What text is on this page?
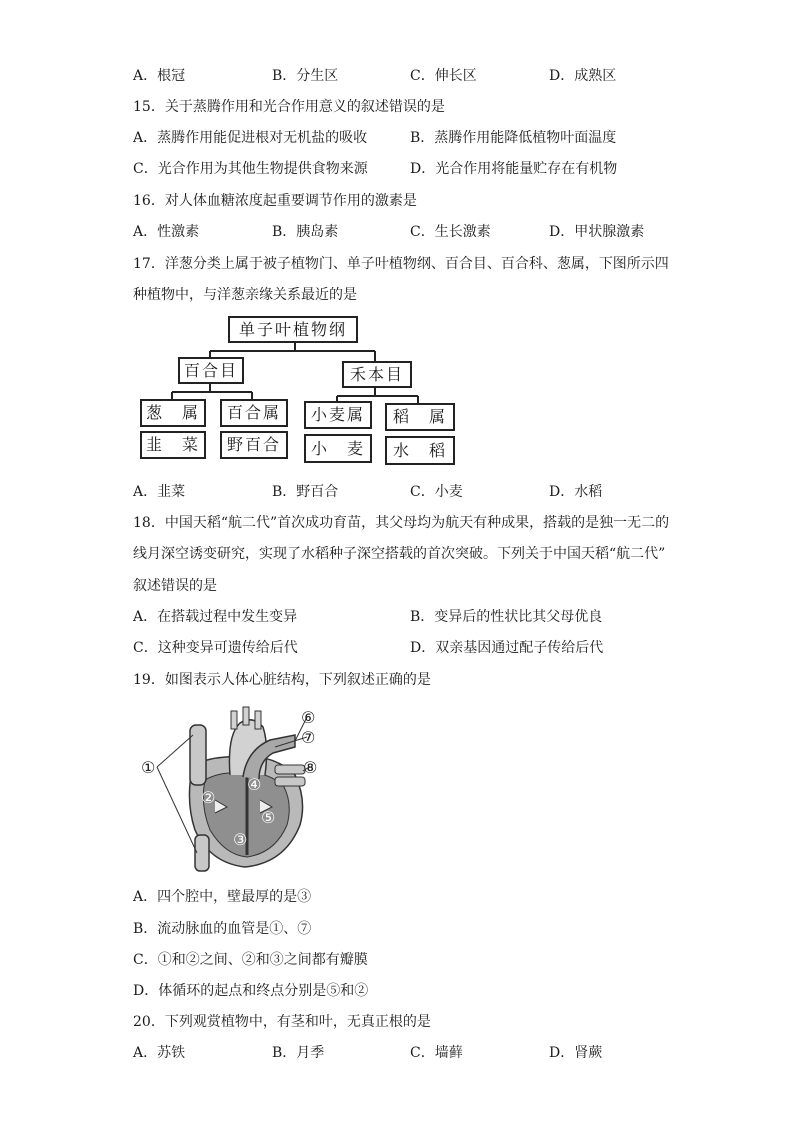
A．根冠	B．分生区	C．伸长区	D．成熟区
15．关于蒸腾作用和光合作用意义的叙述错误的是
A．蒸腾作用能促进根对无机盐的吸收	B．蒸腾作用能降低植物叶面温度
C．光合作用为其他生物提供食物来源	D．光合作用将能量贮存在有机物
16．对人体血糖浓度起重要调节作用的激素是
A．性激素	B．胰岛素	C．生长激素	D．甲状腺激素
17．洋葱分类上属于被子植物门、单子叶植物纲、百合目、百合科、葱属，下图所示四
种植物中，与洋葱亲缘关系最近的是
单子叶植物纲
百合目	禾本目
葱　属	百合属	小麦属	稻　属
韭　菜	野百合	小　麦	水　稻
A．韭菜	B．野百合	C．小麦	D．水稻
18．中国天稻“航二代”首次成功育苗，其父母均为航天有种成果，搭载的是独一无二的
线月深空诱变研究，实现了水稻种子深空搭载的首次突破。下列关于中国天稻“航二代”
叙述错误的是
A．在搭载过程中发生变异	B．变异后的性状比其父母优良
C．这种变异可遗传给后代	D．双亲基因通过配子传给后代
19．如图表示人体心脏结构，下列叙述正确的是
①
②
③
④
⑤
⑥
⑦
⑧
A．四个腔中，壁最厚的是③
B．流动脉血的血管是①、⑦
C．①和②之间、②和③之间都有瓣膜
D．体循环的起点和终点分别是⑤和②
20．下列观赏植物中，有茎和叶，无真正根的是
A．苏铁	B．月季	C．墙藓	D．肾蕨
